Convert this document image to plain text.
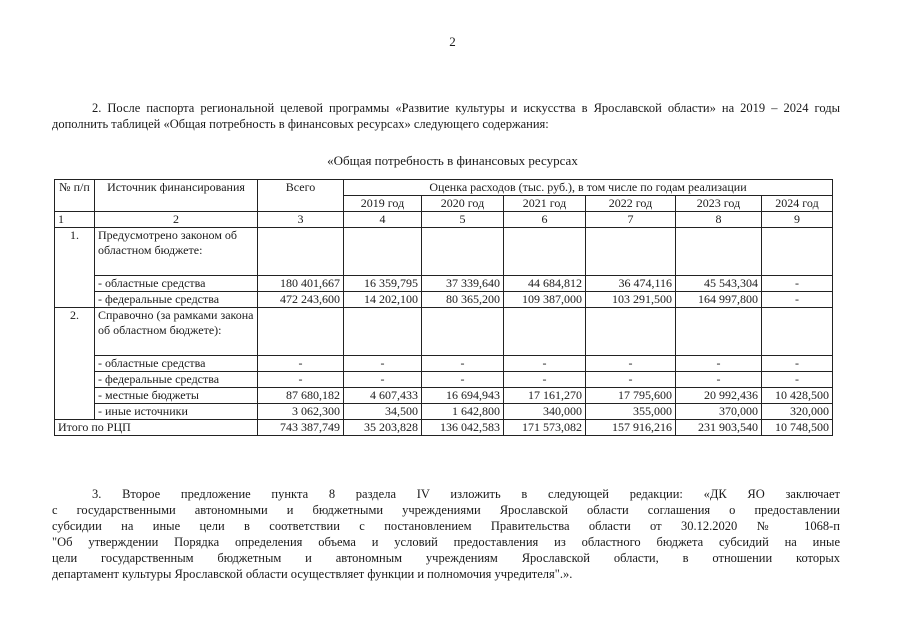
2
2. После паспорта региональной целевой программы «Развитие культуры и искусства в Ярославской области» на 2019 – 2024 годы дополнить таблицей «Общая потребность в финансовых ресурсах» следующего содержания:
«Общая потребность в финансовых ресурсах
№ п/п	Источник финансирования	Всего	Оценка расходов (тыс. руб.), в том числе по годам реализации					
			2019 год	2020 год	2021 год	2022 год	2023 год	2024 год
1	2	3	4	5	6	7	8	9
1.	Предусмотрено законом об областном бюджете:							
	- областные средства	180 401,667	16 359,795	37 339,640	44 684,812	36 474,116	45 543,304	-
	- федеральные средства	472 243,600	14 202,100	80 365,200	109 387,000	103 291,500	164 997,800	-
2.	Справочно (за рамками закона об областном бюджете):							
	- областные средства	-	-	-	-	-	-	-
	- федеральные средства	-	-	-	-	-	-	-
	- местные бюджеты	87 680,182	4 607,433	16 694,943	17 161,270	17 795,600	20 992,436	10 428,500
	- иные источники	3 062,300	34,500	1 642,800	340,000	355,000	370,000	320,000
Итого по РЦП		743 387,749	35 203,828	136 042,583	171 573,082	157 916,216	231 903,540	10 748,500
3. Второе предложение пункта 8 раздела IV изложить в следующей редакции: «ДК ЯО заключает
с государственными автономными и бюджетными учреждениями Ярославской области соглашения о предоставлении
субсидии на иные цели в соответствии с постановлением Правительства области от 30.12.2020 № 1068-п
"Об утверждении Порядка определения объема и условий предоставления из областного бюджета субсидий на иные
цели государственным бюджетным и автономным учреждениям Ярославской области, в отношении которых
департамент культуры Ярославской области осуществляет функции и полномочия учредителя".».
